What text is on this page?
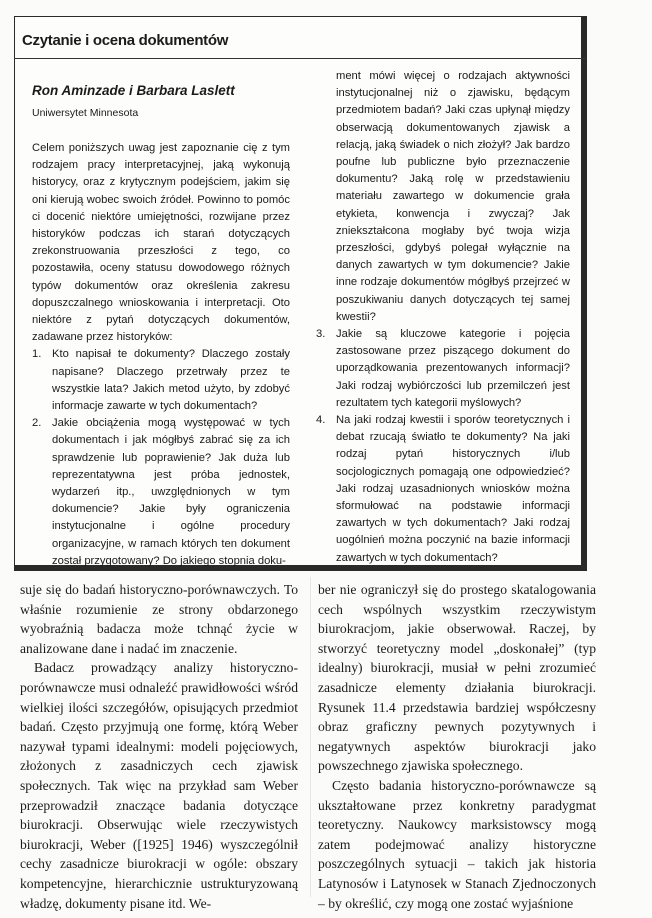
Czytanie i ocena dokumentów
Ron Aminzade i Barbara Laslett
Uniwersytet Minnesota

Celem poniższych uwag jest zapoznanie cię z tym rodzajem pracy interpretacyjnej, jaką wykonują historycy, oraz z krytycznym podejściem, jakim się oni kierują wobec swoich źródeł. Powinno to pomóc ci docenić niektóre umiejętności, rozwijane przez historyków podczas ich starań dotyczących zrekonstruowania przeszłości z tego, co pozostawiła, oceny statusu dowodowego różnych typów dokumentów oraz określenia zakresu dopuszczalnego wnioskowania i interpretacji. Oto niektóre z pytań dotyczących dokumentów, zadawane przez historyków:

1. Kto napisał te dokumenty? Dlaczego zostały napisane? Dlaczego przetrwały przez te wszystkie lata? Jakich metod użyto, by zdobyć informacje zawarte w tych dokumentach?
2. Jakie obciążenia mogą występować w tych dokumentach i jak mógłbyś zabrać się za ich sprawdzenie lub poprawienie? Jak duża lub reprezentatywna jest próba jednostek, wydarzeń itp., uwzględnionych w tym dokumencie? Jakie były ograniczenia instytucjonalne i ogólne procedury organizacyjne, w ramach których ten dokument został przygotowany? Do jakiego stopnia doku-
ment mówi więcej o rodzajach aktywności instytucjonalnej niż o zjawisku, będącym przedmiotem badań? Jaki czas upłynął między obserwacją dokumentowanych zjawisk a relacją, jaką świadek o nich złożył? Jak bardzo poufne lub publiczne było przeznaczenie dokumentu? Jaką rolę w przedstawieniu materiału zawartego w dokumencie grała etykieta, konwencja i zwyczaj? Jak zniekształcona mogłaby być twoja wizja przeszłości, gdybyś polegał wyłącznie na danych zawartych w tym dokumencie? Jakie inne rodzaje dokumentów mógłbyś przejrzeć w poszukiwaniu danych dotyczących tej samej kwestii?
3. Jakie są kluczowe kategorie i pojęcia zastosowane przez piszącego dokument do uporządkowania prezentowanych informacji? Jaki rodzaj wybiórczości lub przemilczeń jest rezultatem tych kategorii myślowych?
4. Na jaki rodzaj kwestii i sporów teoretycznych i debat rzucają światło te dokumenty? Na jaki rodzaj pytań historycznych i/lub socjologicznych pomagają one odpowiedzieć? Jaki rodzaj uzasadnionych wniosków można sformułować na podstawie informacji zawartych w tych dokumentach? Jaki rodzaj uogólnień można poczynić na bazie informacji zawartych w tych dokumentach?

suje się do badań historyczno-porównawczych. To właśnie rozumienie ze strony obdarzonego wyobraźnią badacza może tchnąć życie w analizowane dane i nadać im znaczenie.

Badacz prowadzący analizy historyczno-porównawcze musi odnaleźć prawidłowości wśród wielkiej ilości szczegółów, opisujących przedmiot badań. Często przyjmują one formę, którą Weber nazywał typami idealnymi: modeli pojęciowych, złożonych z zasadniczych cech zjawisk społecznych. Tak więc na przykład sam Weber przeprowadził znaczące badania dotyczące biurokracji. Obserwując wiele rzeczywistych biurokracji, Weber ([1925] 1946) wyszczególnił cechy zasadnicze biurokracji w ogóle: obszary kompetencyjne, hierarchicznie ustrukturyzowaną władzę, dokumenty pisane itd. We-

ber nie ograniczył się do prostego skatalogowania cech wspólnych wszystkim rzeczywistym biurokracjom, jakie obserwował. Raczej, by stworzyć teoretyczny model „doskonałej” (typ idealny) biurokracji, musiał w pełni zrozumieć zasadnicze elementy działania biurokracji. Rysunek 11.4 przedstawia bardziej współczesny obraz graficzny pewnych pozytywnych i negatywnych aspektów biurokracji jako powszechnego zjawiska społecznego.

Często badania historyczno-porównawcze są ukształtowane przez konkretny paradygmat teoretyczny. Naukowcy marksistowscy mogą zatem podejmować analizy historyczne poszczególnych sytuacji – takich jak historia Latynosów i Latynosek w Stanach Zjednoczonych – by określić, czy mogą one zostać wyjaśnione
